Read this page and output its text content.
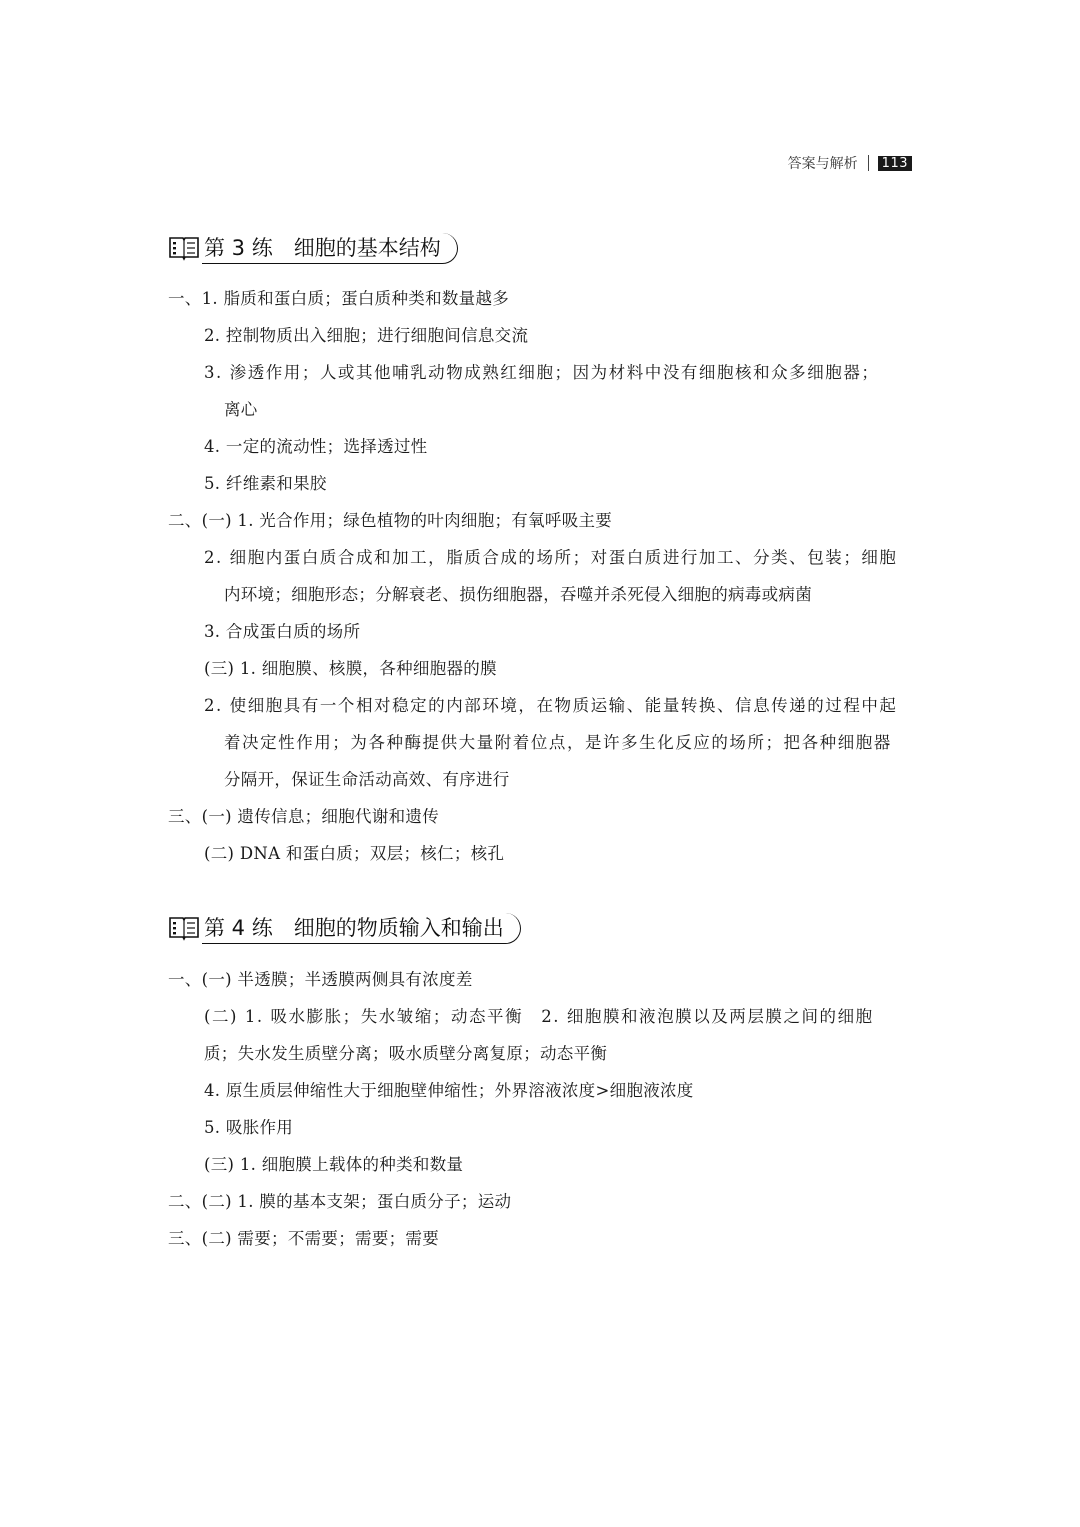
答案与解析	113
第 3 练　细胞的基本结构
一、1. 脂质和蛋白质；蛋白质种类和数量越多
2. 控制物质出入细胞；进行细胞间信息交流
3. 渗透作用；人或其他哺乳动物成熟红细胞；因为材料中没有细胞核和众多细胞器；
离心
4. 一定的流动性；选择透过性
5. 纤维素和果胶
二、(一) 1. 光合作用；绿色植物的叶肉细胞；有氧呼吸主要
2. 细胞内蛋白质合成和加工，脂质合成的场所；对蛋白质进行加工、分类、包装；细胞
内环境；细胞形态；分解衰老、损伤细胞器，吞噬并杀死侵入细胞的病毒或病菌
3. 合成蛋白质的场所
(三) 1. 细胞膜、核膜，各种细胞器的膜
2. 使细胞具有一个相对稳定的内部环境，在物质运输、能量转换、信息传递的过程中起
着决定性作用；为各种酶提供大量附着位点，是许多生化反应的场所；把各种细胞器
分隔开，保证生命活动高效、有序进行
三、(一) 遗传信息；细胞代谢和遗传
(二) DNA 和蛋白质；双层；核仁；核孔
第 4 练　细胞的物质输入和输出
一、(一) 半透膜；半透膜两侧具有浓度差
(二) 1. 吸水膨胀；失水皱缩；动态平衡　2. 细胞膜和液泡膜以及两层膜之间的细胞
质；失水发生质壁分离；吸水质壁分离复原；动态平衡
4. 原生质层伸缩性大于细胞壁伸缩性；外界溶液浓度>细胞液浓度
5. 吸胀作用
(三) 1. 细胞膜上载体的种类和数量
二、(二) 1. 膜的基本支架；蛋白质分子；运动
三、(二) 需要；不需要；需要；需要
